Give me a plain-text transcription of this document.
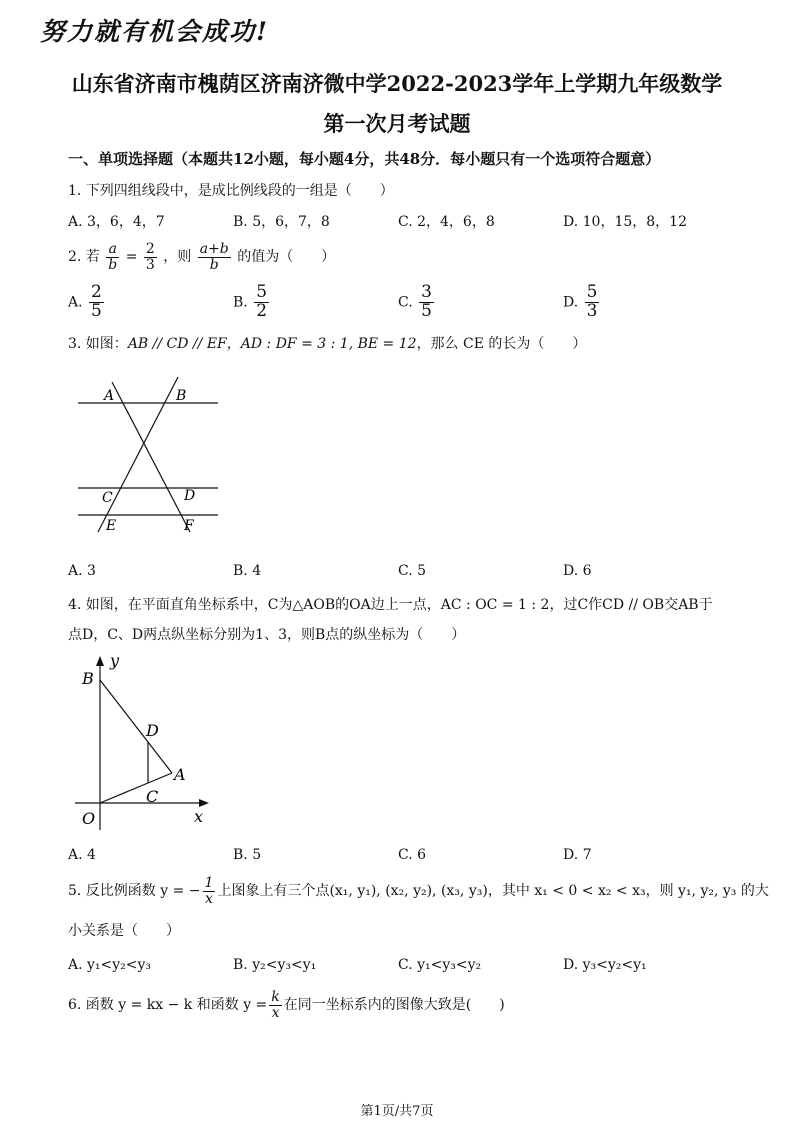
努力就有机会成功!
山东省济南市槐荫区济南济微中学2022-2023学年上学期九年级数学
第一次月考试题
一、单项选择题（本题共12小题，每小题4分，共48分．每小题只有一个选项符合题意）
1. 下列四组线段中，是成比例线段的一组是（　　）
A. 3，6，4，7	B. 5，6，7，8	C. 2，4，6，8	D. 10，15，8，12
2. 若 $\frac{a}{b} = \frac{2}{3}$ ，则 $\frac{a+b}{b}$ 的值为（　　）
A. $\frac{2}{5}$	B. $\frac{5}{2}$	C. $\frac{3}{5}$	D. $\frac{5}{3}$
3. 如图：AB // CD // EF，AD : DF = 3 : 1, BE = 12，那么 CE 的长为（　　）
A	B
C	D
E	F
A. 3	B. 4	C. 5	D. 6
4. 如图，在平面直角坐标系中，C为△AOB的OA边上一点，AC : OC = 1 : 2，过C作CD // OB交AB于
点D，C、D两点纵坐标分别为1、3，则B点的纵坐标为（　　）
y
x
B
D
A
C
O
A. 4	B. 5	C. 6	D. 7
5. 反比例函数 y = − $\frac{1}{x}$ 上图象上有三个点(x₁, y₁), (x₂, y₂), (x₃, y₃)，其中 x₁ < 0 < x₂ < x₃，则 y₁, y₂, y₃ 的大
小关系是（　　）
A. y₁<y₂<y₃	B. y₂<y₃<y₁	C. y₁<y₃<y₂	D. y₃<y₂<y₁
6. 函数 y = kx − k 和函数 $y = \frac{k}{x}$ 在同一坐标系内的图像大致是(　　)
第1页/共7页
